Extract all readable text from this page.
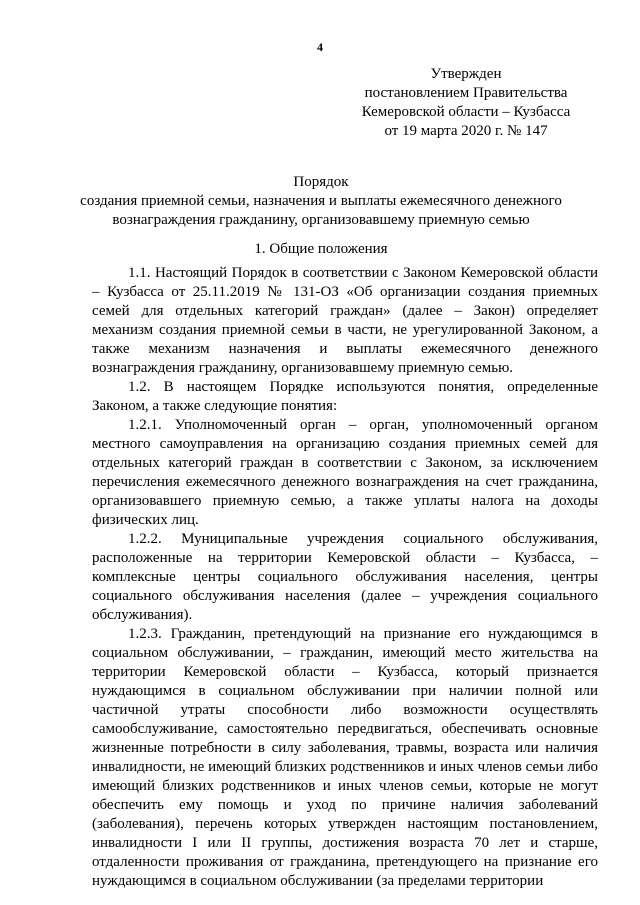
4
Утвержден
постановлением Правительства
Кемеровской области – Кузбасса
от 19 марта 2020 г. № 147
Порядок
создания приемной семьи, назначения и выплаты ежемесячного денежного
вознаграждения гражданину, организовавшему приемную семью
1. Общие положения

1.1. Настоящий Порядок в соответствии с Законом Кемеровской области – Кузбасса от 25.11.2019 № 131-ОЗ «Об организации создания приемных семей для отдельных категорий граждан» (далее – Закон) определяет механизм создания приемной семьи в части, не урегулированной Законом, а также механизм назначения и выплаты ежемесячного денежного вознаграждения гражданину, организовавшему приемную семью.

1.2. В настоящем Порядке используются понятия, определенные Законом, а также следующие понятия:

1.2.1. Уполномоченный орган – орган, уполномоченный органом местного самоуправления на организацию создания приемных семей для отдельных категорий граждан в соответствии с Законом, за исключением перечисления ежемесячного денежного вознаграждения на счет гражданина, организовавшего приемную семью, а также уплаты налога на доходы физических лиц.

1.2.2. Муниципальные учреждения социального обслуживания, расположенные на территории Кемеровской области – Кузбасса, – комплексные центры социального обслуживания населения, центры социального обслуживания населения (далее – учреждения социального обслуживания).

1.2.3. Гражданин, претендующий на признание его нуждающимся в социальном обслуживании, – гражданин, имеющий место жительства на территории Кемеровской области – Кузбасса, который признается нуждающимся в социальном обслуживании при наличии полной или частичной утраты способности либо возможности осуществлять самообслуживание, самостоятельно передвигаться, обеспечивать основные жизненные потребности в силу заболевания, травмы, возраста или наличия инвалидности, не имеющий близких родственников и иных членов семьи либо имеющий близких родственников и иных членов семьи, которые не могут обеспечить ему помощь и уход по причине наличия заболеваний (заболевания), перечень которых утвержден настоящим постановлением, инвалидности I или II группы, достижения возраста 70 лет и старше, отдаленности проживания от гражданина, претендующего на признание его нуждающимся в социальном обслуживании (за пределами территории
